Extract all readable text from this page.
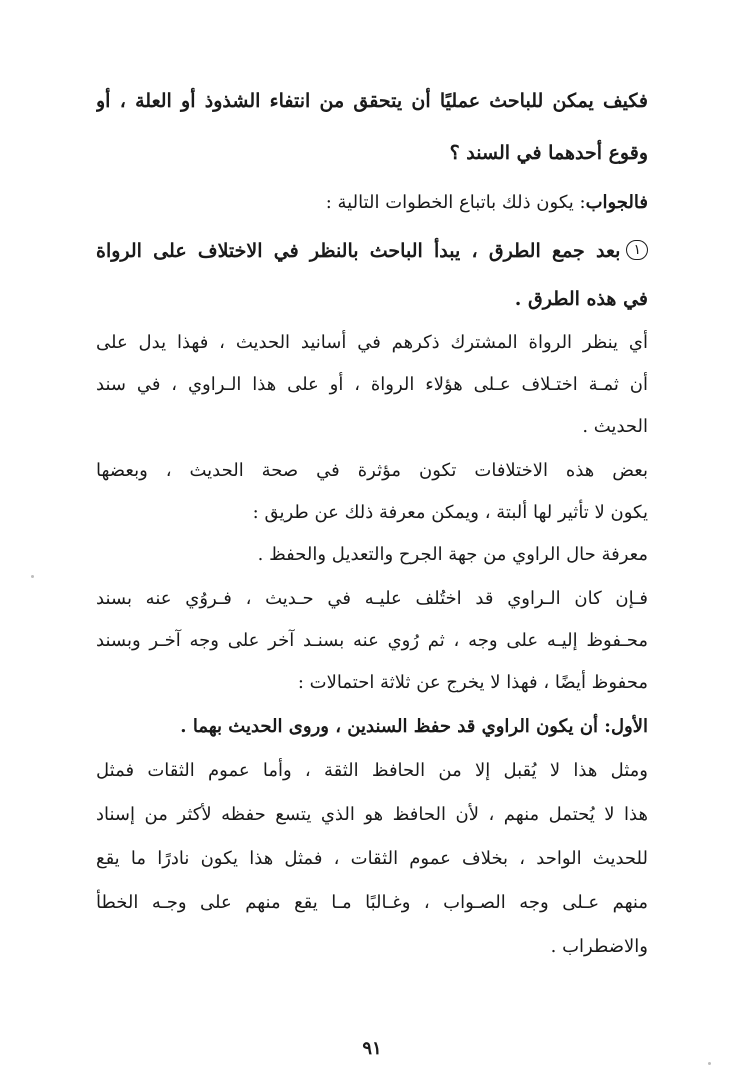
فكيف يمكن للباحث عمليًا أن يتحقق من انتفاء الشذوذ أو العلة ، أو
وقوع أحدهما في السند ؟
فالجواب: يكون ذلك باتباع الخطوات التالية :
١بعد جمع الطرق ، يبدأ الباحث بالنظر في الاختلاف على الرواة
في هذه الطرق .
أي ينظر الرواة المشترك ذكرهم في أسانيد الحديث ، فهذا يدل على
أن ثمـة اختـلاف عـلى هؤلاء الرواة ، أو على هذا الـراوي ، في سند
الحديث .
بعض هذه الاختلافات تكون مؤثرة في صحة الحديث ، وبعضها
يكون لا تأثير لها ألبتة ، ويمكن معرفة ذلك عن طريق :
معرفة حال الراوي من جهة الجرح والتعديل والحفظ .
فـإن كان الـراوي قد اختُلف عليـه في حـديث ، فـروُي عنه بسند
محـفوظ إليـه على وجه ، ثم رُوي عنه بسنـد آخر على وجه آخـر وبسند
محفوظ أيضًا ، فهذا لا يخرج عن ثلاثة احتمالات :
الأول: أن يكون الراوي قد حفظ السندين ، وروى الحديث بهما .
ومثل هذا لا يُقبل إلا من الحافظ الثقة ، وأما عموم الثقات فمثل
هذا لا يُحتمل منهم ، لأن الحافظ هو الذي يتسع حفظه لأكثر من إسناد
للحديث الواحد ، بخلاف عموم الثقات ، فمثل هذا يكون نادرًا ما يقع
منهم عـلى وجه الصـواب ، وغـالبًا مـا يقع منهم على وجـه الخطأ
والاضطراب .
٩١
